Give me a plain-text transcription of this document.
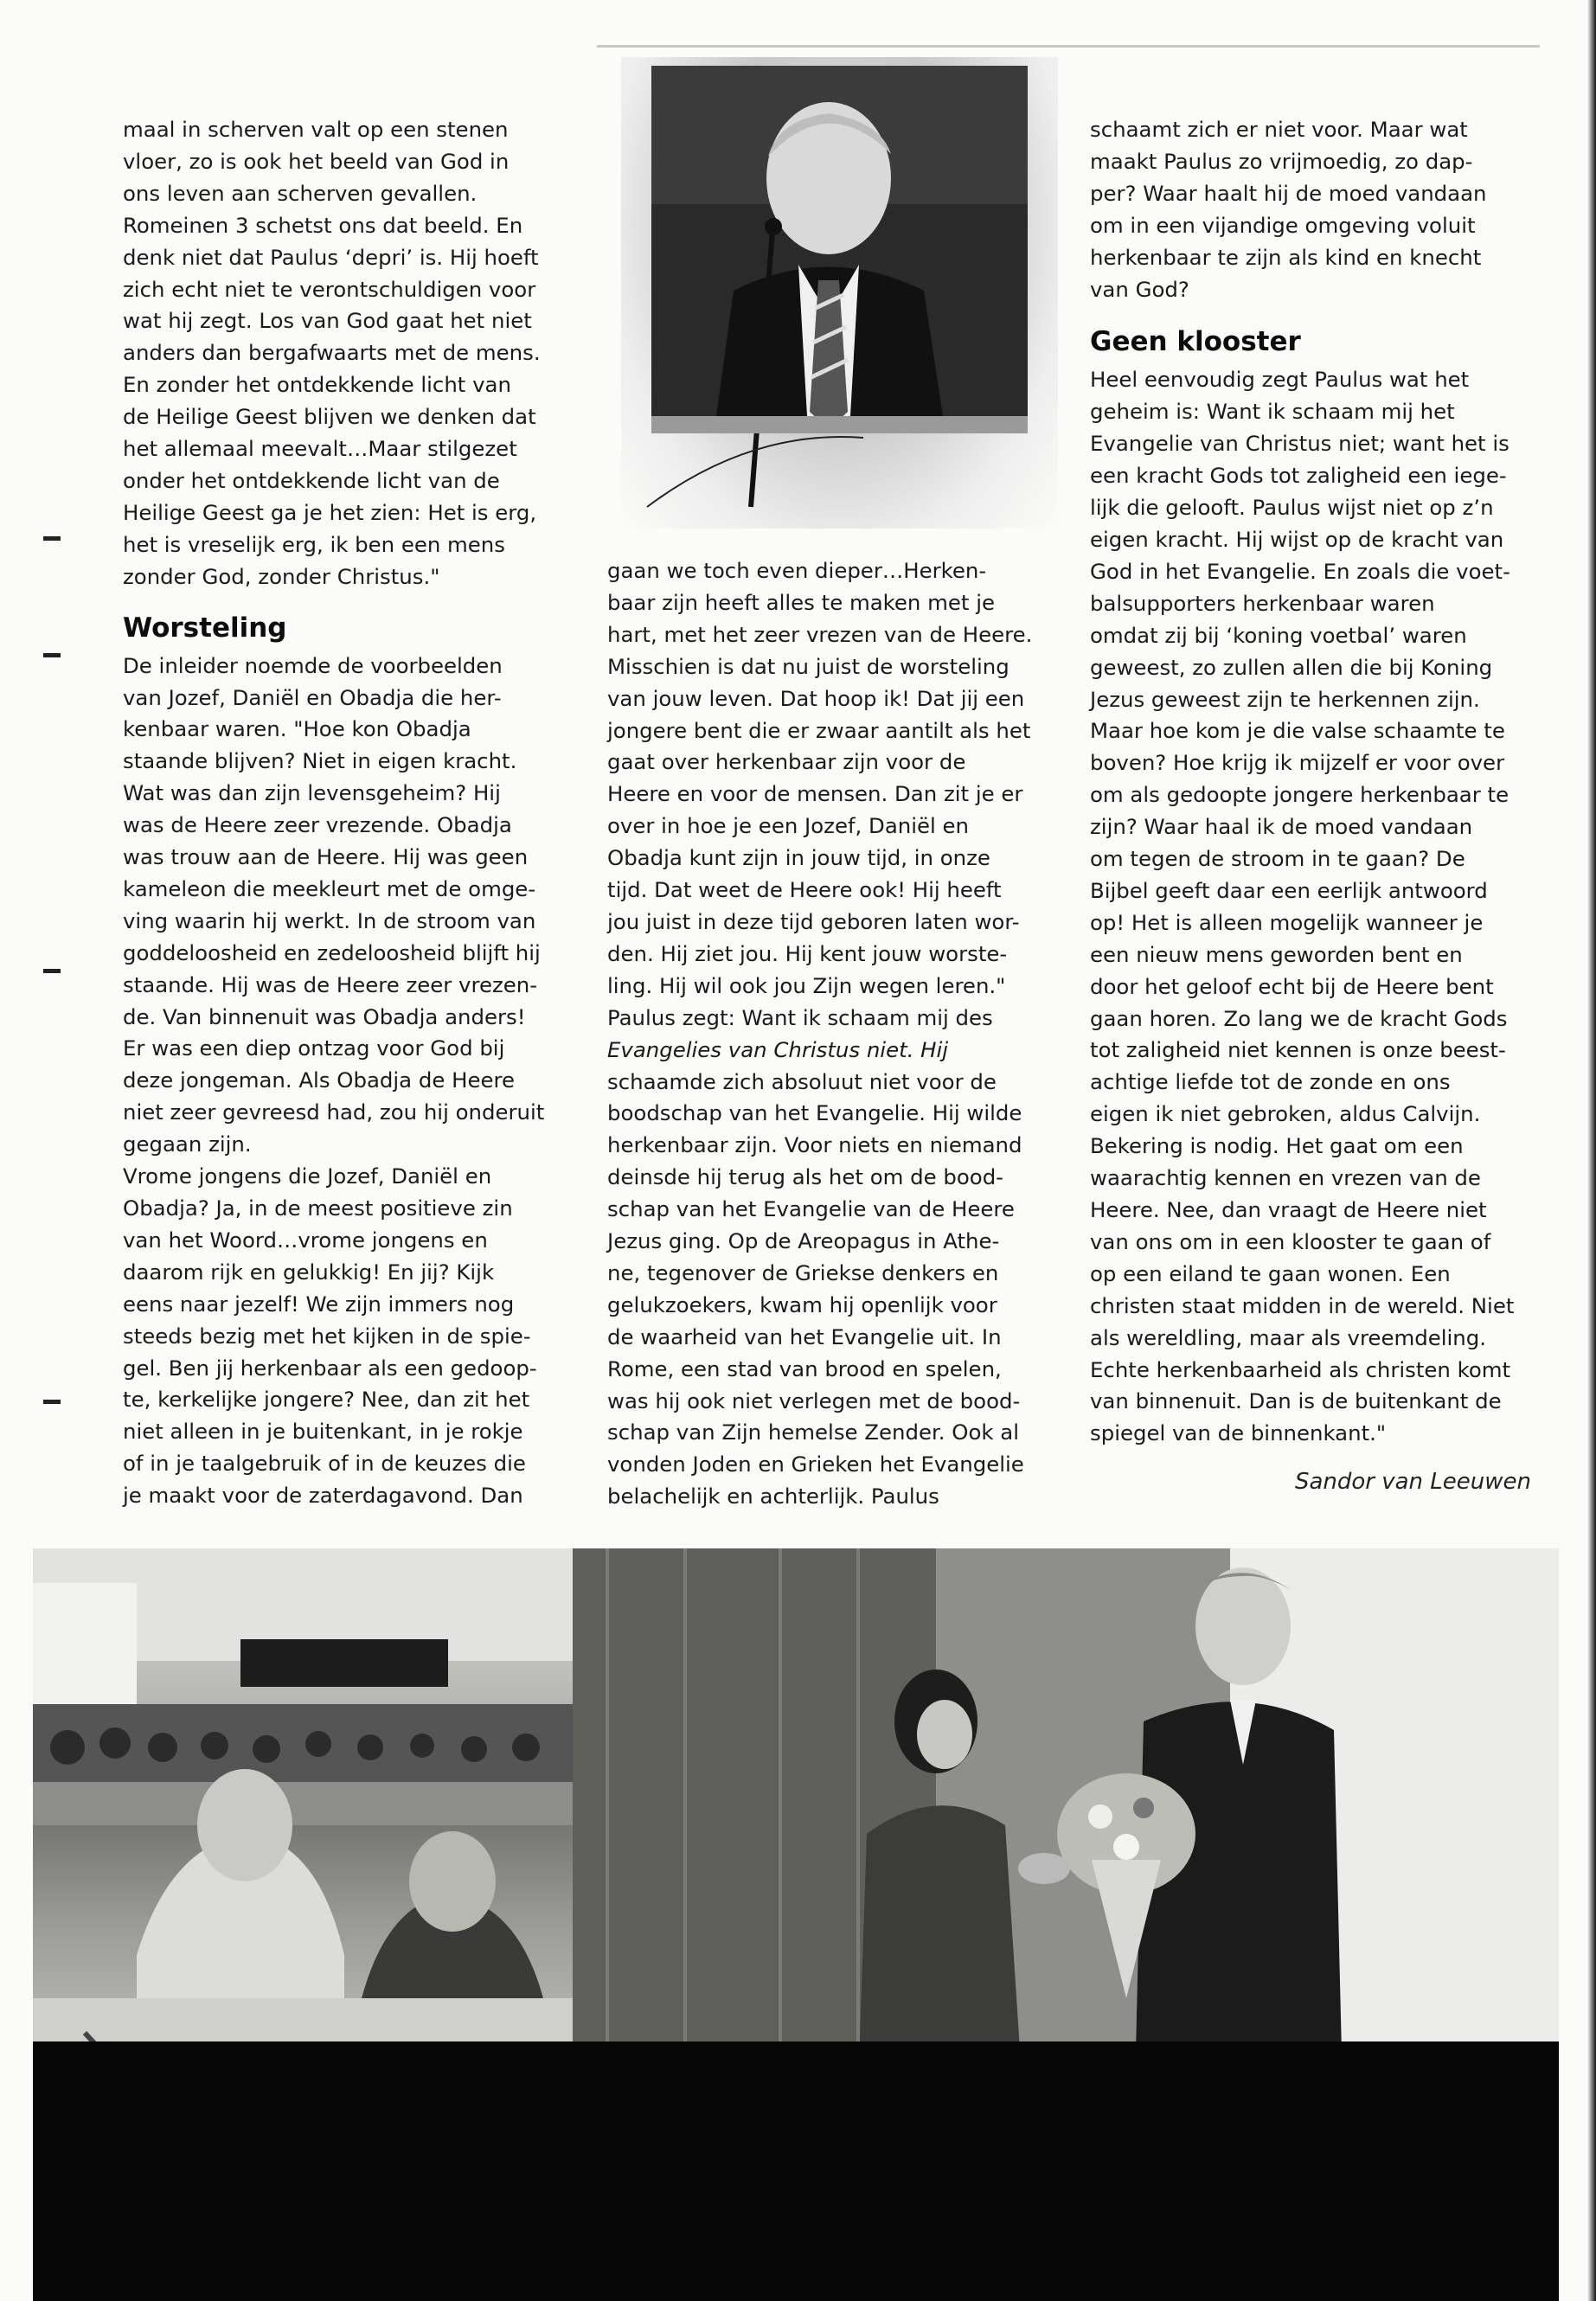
maal in scherven valt op een stenen

vloer, zo is ook het beeld van God in

ons leven aan scherven gevallen.

Romeinen 3 schetst ons dat beeld. En

denk niet dat Paulus ‘depri’ is. Hij hoeft

zich echt niet te verontschuldigen voor

wat hij zegt. Los van God gaat het niet

anders dan bergafwaarts met de mens.

En zonder het ontdekkende licht van

de Heilige Geest blijven we denken dat

het allemaal meevalt…Maar stilgezet

onder het ontdekkende licht van de

Heilige Geest ga je het zien: Het is erg,

het is vreselijk erg, ik ben een mens

zonder God, zonder Christus."

Worsteling

De inleider noemde de voorbeelden

van Jozef, Daniël en Obadja die her-

kenbaar waren. "Hoe kon Obadja

staande blijven? Niet in eigen kracht.

Wat was dan zijn levensgeheim? Hij

was de Heere zeer vrezende. Obadja

was trouw aan de Heere. Hij was geen

kameleon die meekleurt met de omge-

ving waarin hij werkt. In de stroom van

goddeloosheid en zedeloosheid blijft hij

staande. Hij was de Heere zeer vrezen-

de. Van binnenuit was Obadja anders!

Er was een diep ontzag voor God bij

deze jongeman. Als Obadja de Heere

niet zeer gevreesd had, zou hij onderuit

gegaan zijn.

Vrome jongens die Jozef, Daniël en

Obadja? Ja, in de meest positieve zin

van het Woord…vrome jongens en

daarom rijk en gelukkig! En jij? Kijk

eens naar jezelf! We zijn immers nog

steeds bezig met het kijken in de spie-

gel. Ben jij herkenbaar als een gedoop-

te, kerkelijke jongere? Nee, dan zit het

niet alleen in je buitenkant, in je rokje

of in je taalgebruik of in de keuzes die

je maakt voor de zaterdagavond. Dan

gaan we toch even dieper…Herken-

baar zijn heeft alles te maken met je

hart, met het zeer vrezen van de Heere.

Misschien is dat nu juist de worsteling

van jouw leven. Dat hoop ik! Dat jij een

jongere bent die er zwaar aantilt als het

gaat over herkenbaar zijn voor de

Heere en voor de mensen. Dan zit je er

over in hoe je een Jozef, Daniël en

Obadja kunt zijn in jouw tijd, in onze

tijd. Dat weet de Heere ook! Hij heeft

jou juist in deze tijd geboren laten wor-

den. Hij ziet jou. Hij kent jouw worste-

ling. Hij wil ook jou Zijn wegen leren."

Paulus zegt: Want ik schaam mij des

Evangelies van Christus niet. Hij

schaamde zich absoluut niet voor de

boodschap van het Evangelie. Hij wilde

herkenbaar zijn. Voor niets en niemand

deinsde hij terug als het om de bood-

schap van het Evangelie van de Heere

Jezus ging. Op de Areopagus in Athe-

ne, tegenover de Griekse denkers en

gelukzoekers, kwam hij openlijk voor

de waarheid van het Evangelie uit. In

Rome, een stad van brood en spelen,

was hij ook niet verlegen met de bood-

schap van Zijn hemelse Zender. Ook al

vonden Joden en Grieken het Evangelie

belachelijk en achterlijk. Paulus

schaamt zich er niet voor. Maar wat

maakt Paulus zo vrijmoedig, zo dap-

per? Waar haalt hij de moed vandaan

om in een vijandige omgeving voluit

herkenbaar te zijn als kind en knecht

van God?

Geen klooster

Heel eenvoudig zegt Paulus wat het

geheim is: Want ik schaam mij het

Evangelie van Christus niet; want het is

een kracht Gods tot zaligheid een iege-

lijk die gelooft. Paulus wijst niet op z’n

eigen kracht. Hij wijst op de kracht van

God in het Evangelie. En zoals die voet-

balsupporters herkenbaar waren

omdat zij bij ‘koning voetbal’ waren

geweest, zo zullen allen die bij Koning

Jezus geweest zijn te herkennen zijn.

Maar hoe kom je die valse schaamte te

boven? Hoe krijg ik mijzelf er voor over

om als gedoopte jongere herkenbaar te

zijn? Waar haal ik de moed vandaan

om tegen de stroom in te gaan? De

Bijbel geeft daar een eerlijk antwoord

op! Het is alleen mogelijk wanneer je

een nieuw mens geworden bent en

door het geloof echt bij de Heere bent

gaan horen. Zo lang we de kracht Gods

tot zaligheid niet kennen is onze beest-

achtige liefde tot de zonde en ons

eigen ik niet gebroken, aldus Calvijn.

Bekering is nodig. Het gaat om een

waarachtig kennen en vrezen van de

Heere. Nee, dan vraagt de Heere niet

van ons om in een klooster te gaan of

op een eiland te gaan wonen. Een

christen staat midden in de wereld. Niet

als wereldling, maar als vreemdeling.

Echte herkenbaarheid als christen komt

van binnenuit. Dan is de buitenkant de

spiegel van de binnenkant."

Sandor van Leeuwen
